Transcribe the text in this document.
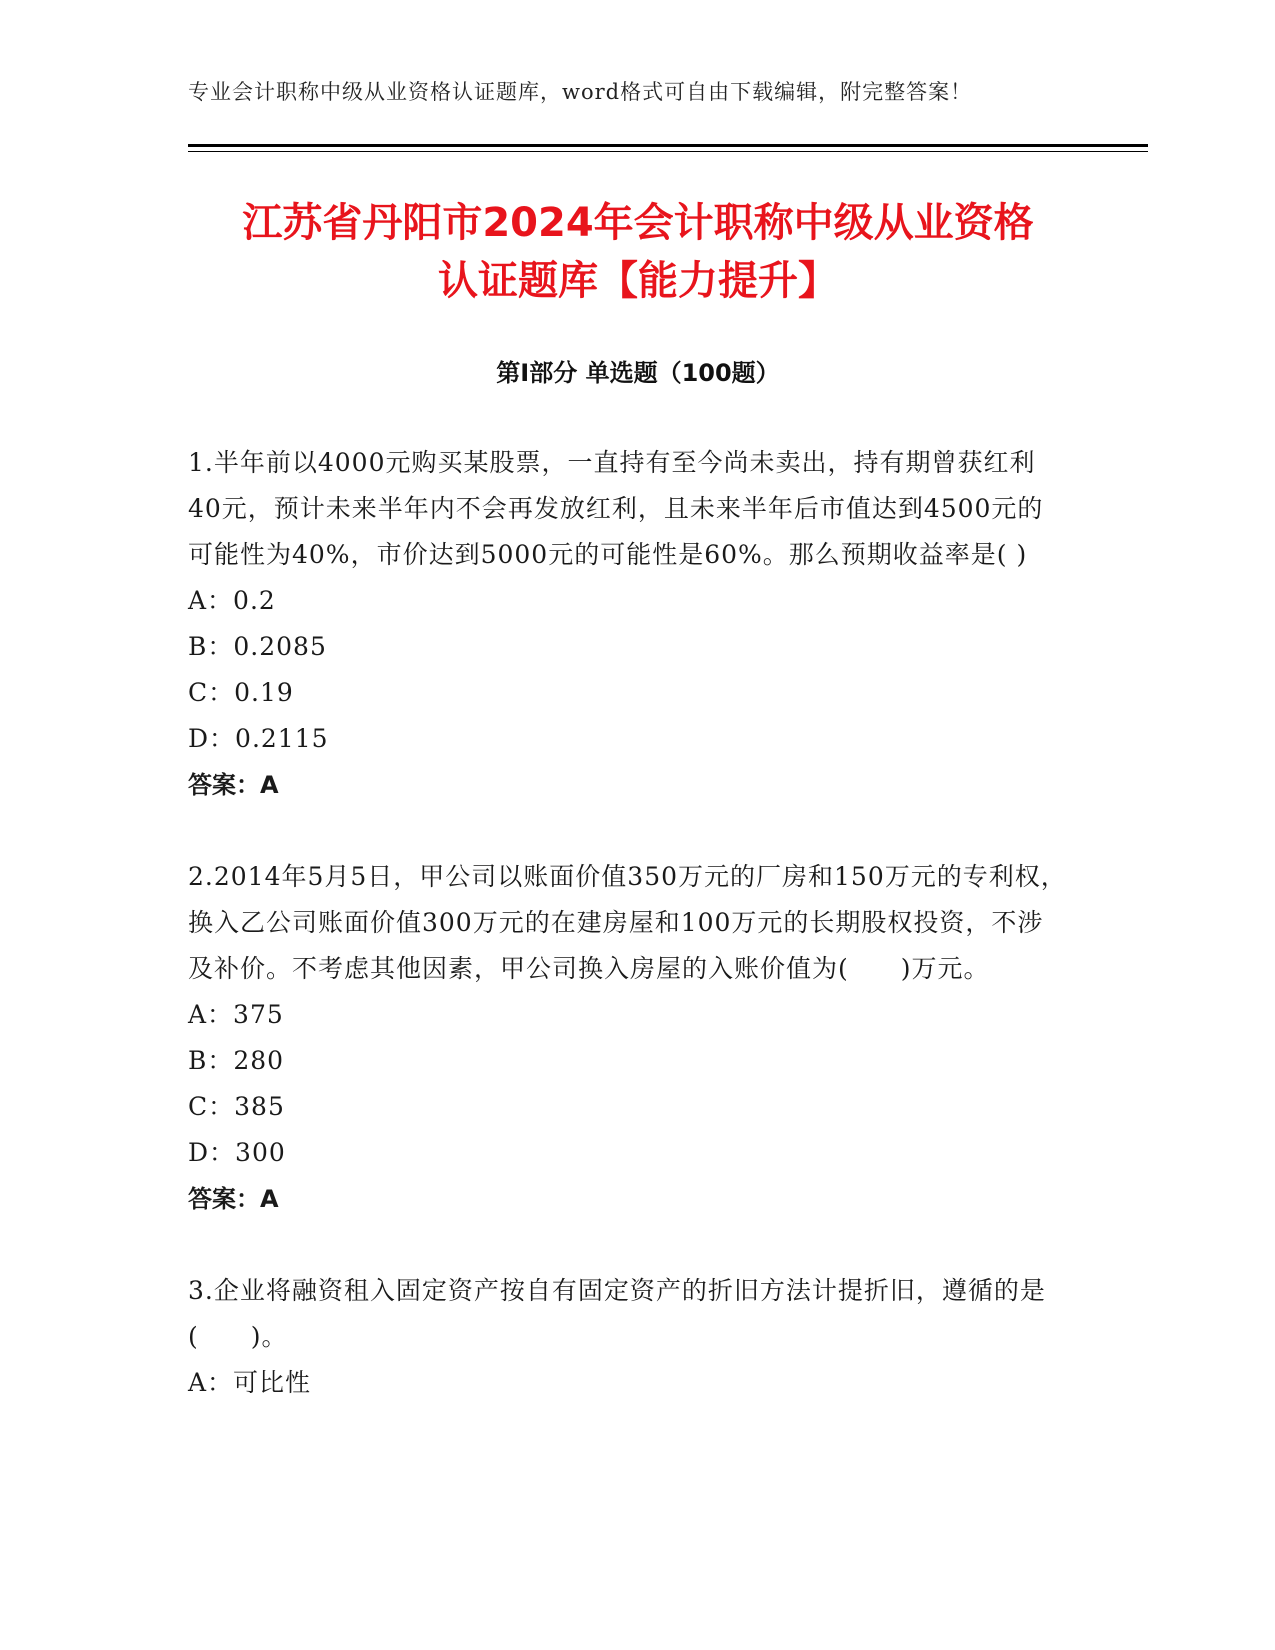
专业会计职称中级从业资格认证题库，word格式可自由下载编辑，附完整答案！
江苏省丹阳市2024年会计职称中级从业资格
认证题库【能力提升】
第I部分 单选题（100题）

1.半年前以4000元购买某股票，一直持有至今尚未卖出，持有期曾获红利40元，预计未来半年内不会再发放红利，且未来半年后市值达到4500元的可能性为40%，市价达到5000元的可能性是60%。那么预期收益率是( )

A：0.2

B：0.2085

C：0.19

D：0.2115

答案：A

2.2014年5月5日，甲公司以账面价值350万元的厂房和150万元的专利权，换入乙公司账面价值300万元的在建房屋和100万元的长期股权投资，不涉及补价。不考虑其他因素，甲公司换入房屋的入账价值为(　　)万元。

A：375

B：280

C：385

D：300

答案：A

3.企业将融资租入固定资产按自有固定资产的折旧方法计提折旧，遵循的是(　　)。

A：可比性
